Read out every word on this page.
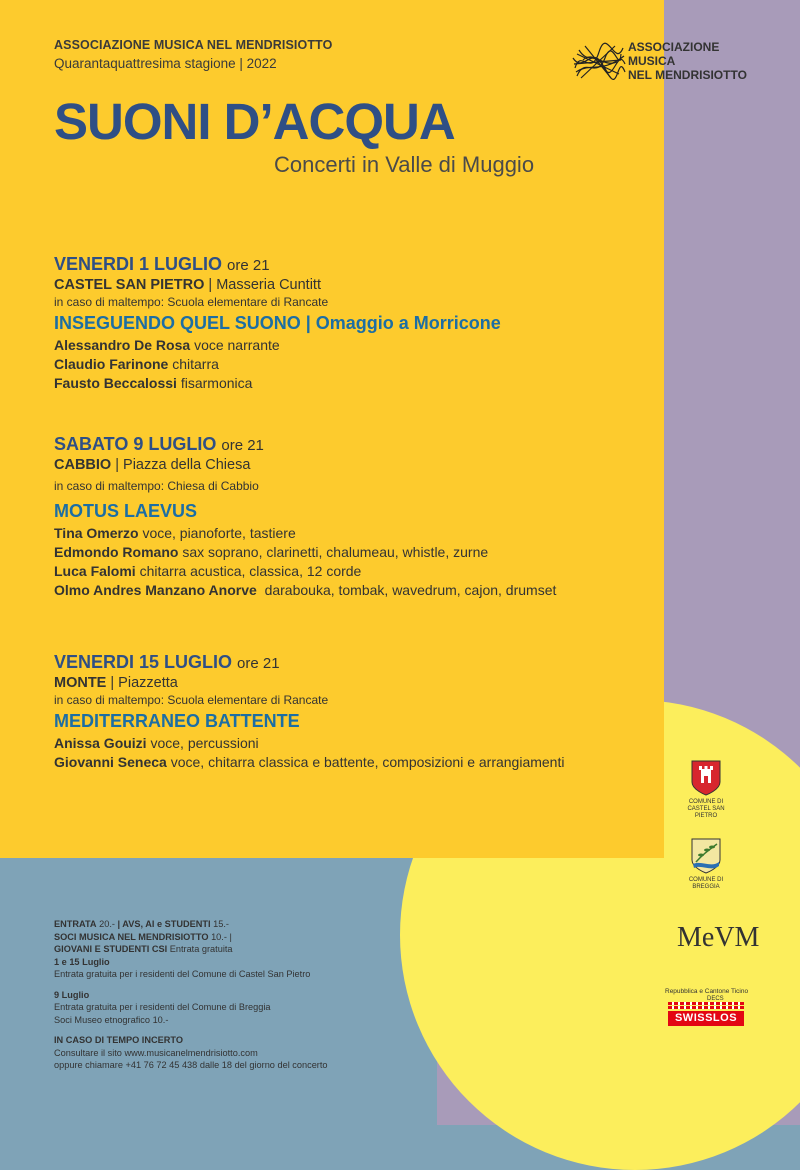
ASSOCIAZIONE MUSICA NEL MENDRISIOTTO
Quarantaquattresima stagione | 2022
ASSOCIAZIONE
MUSICA
NEL MENDRISIOTTO
SUONI D’ACQUA
Concerti in Valle di Muggio
VENERDI 1 LUGLIO ore 21
CASTEL SAN PIETRO | Masseria Cuntitt
in caso di maltempo: Scuola elementare di Rancate
INSEGUENDO QUEL SUONO | Omaggio a Morricone
Alessandro De Rosa voce narrante
Claudio Farinone chitarra
Fausto Beccalossi fisarmonica
SABATO 9 LUGLIO ore 21
CABBIO | Piazza della Chiesa
in caso di maltempo: Chiesa di Cabbio
MOTUS LAEVUS
Tina Omerzo voce, pianoforte, tastiere
Edmondo Romano sax soprano, clarinetti, chalumeau, whistle, zurne
Luca Falomi chitarra acustica, classica, 12 corde
Olmo Andres Manzano Anorve darabouka, tombak, wavedrum, cajon, drumset
VENERDI 15 LUGLIO ore 21
MONTE | Piazzetta
in caso di maltempo: Scuola elementare di Rancate
MEDITERRANEO BATTENTE
Anissa Gouizi voce, percussioni
Giovanni Seneca voce, chitarra classica e battente, composizioni e arrangiamenti
ENTRATA 20.- | AVS, AI e STUDENTI 15.-
SOCI MUSICA NEL MENDRISIOTTO 10.- |
GIOVANI E STUDENTI CSI Entrata gratuita
1 e 15 Luglio
Entrata gratuita per i residenti del Comune di Castel San Pietro
9 Luglio
Entrata gratuita per i residenti del Comune di Breggia
Soci Museo etnografico 10.-
IN CASO DI TEMPO INCERTO
Consultare il sito www.musicanelmendrisiotto.com
oppure chiamare +41 76 72 45 438 dalle 18 del giorno del concerto
COMUNE DI
CASTEL SAN PIETRO
COMUNE DI
BREGGIA
MeVM
Repubblica e Cantone Ticino
DECS
SWISSLOS
